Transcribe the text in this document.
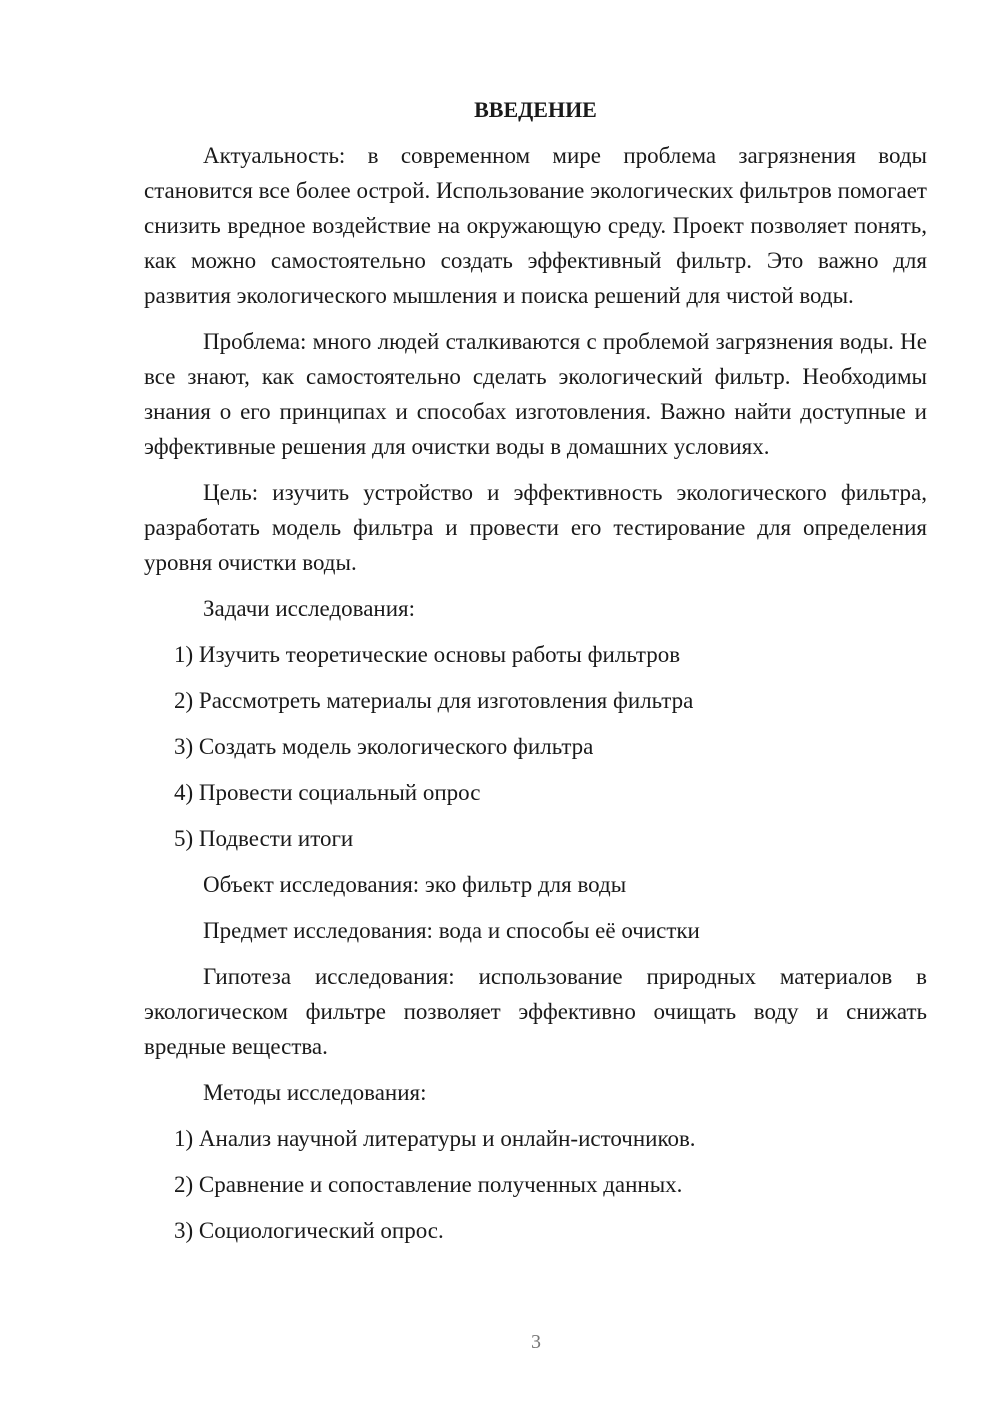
ВВЕДЕНИЕ

Актуальность: в современном мире проблема загрязнения воды становится все более острой. Использование экологических фильтров помогает снизить вредное воздействие на окружающую среду. Проект позволяет понять, как можно самостоятельно создать эффективный фильтр. Это важно для развития экологического мышления и поиска решений для чистой воды.

Проблема: много людей сталкиваются с проблемой загрязнения воды. Не все знают, как самостоятельно сделать экологический фильтр. Необходимы знания о его принципах и способах изготовления. Важно найти доступные и эффективные решения для очистки воды в домашних условиях.

Цель: изучить устройство и эффективность экологического фильтра, разработать модель фильтра и провести его тестирование для определения уровня очистки воды.

Задачи исследования:
1) Изучить теоретические основы работы фильтров
2) Рассмотреть материалы для изготовления фильтра
3) Создать модель экологического фильтра
4) Провести социальный опрос
5) Подвести итоги
Объект исследования: эко фильтр для воды
Предмет исследования: вода и способы её очистки

Гипотеза исследования: использование природных материалов в экологическом фильтре позволяет эффективно очищать воду и снижать вредные вещества.

Методы исследования:
1) Анализ научной литературы и онлайн-источников.
2) Сравнение и сопоставление полученных данных.
3) Социологический опрос.
3
